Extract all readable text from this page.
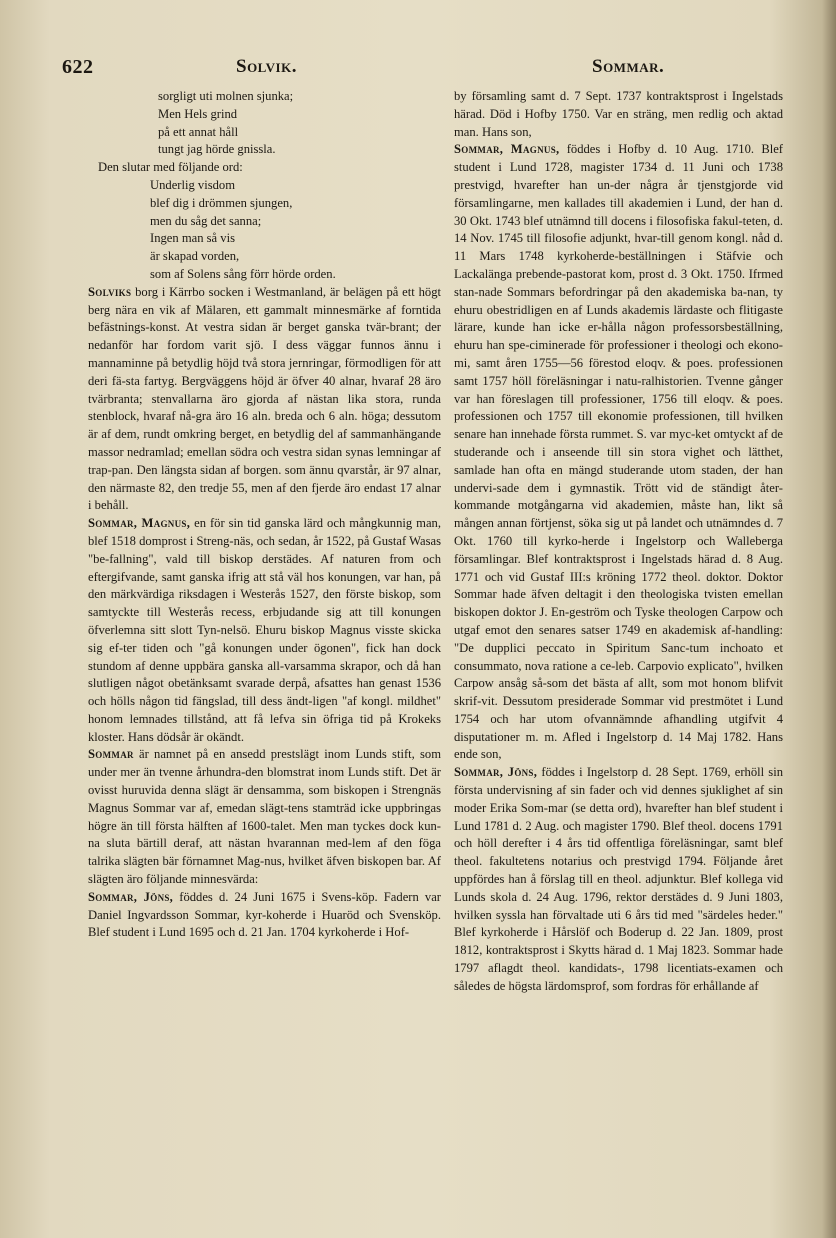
622	Solvik.	Sommar.
sorgligt uti molnen sjunka;
Men Hels grind
på ett annat håll
tungt jag hörde gnissla.

Den slutar med följande ord:

Underlig visdom
blef dig i drömmen sjungen,
men du såg det sanna;
Ingen man så vis
är skapad vorden,
som af Solens sång förr hörde orden.

Solviks borg i Kärrbo socken i Westmanland, är belägen på ett högt berg nära en vik af Mälaren, ett gammalt minnesmärke af forntida befästnings-konst. At vestra sidan är berget ganska tvär-brant; der nedanför har fordom varit sjö. I dess väggar funnos ännu i mannaminne på betydlig höjd två stora jernringar, förmodligen för att deri fä-sta fartyg. Bergväggens höjd är öfver 40 alnar, hvaraf 28 äro tvärbranta; stenvallarna äro gjorda af nästan lika stora, runda stenblock, hvaraf nå-gra äro 16 aln. breda och 6 aln. höga; dessutom är af dem, rundt omkring berget, en betydlig del af sammanhängande massor nedramlad; emellan södra och vestra sidan synas lemningar af trap-pan. Den längsta sidan af borgen. som ännu qvarstår, är 97 alnar, den närmaste 82, den tredje 55, men af den fjerde äro endast 17 alnar i behåll.

Sommar, Magnus, en för sin tid ganska lärd och mångkunnig man, blef 1518 domprost i Streng-näs, och sedan, år 1522, på Gustaf Wasas "be-fallning", vald till biskop derstädes. Af naturen from och eftergifvande, samt ganska ifrig att stå väl hos konungen, var han, på den märkvärdiga riksdagen i Westerås 1527, den förste biskop, som samtyckte till Westerås recess, erbjudande sig att till konungen öfverlemna sitt slott Tyn-nelsö. Ehuru biskop Magnus visste skicka sig ef-ter tiden och "gå konungen under ögonen", fick han dock stundom af denne uppbära ganska all-varsamma skrapor, och då han slutligen något obetänksamt svarade derpå, afsattes han genast 1536 och hölls någon tid fängslad, till dess ändt-ligen "af kongl. mildhet" honom lemnades tillstånd, att få lefva sin öfriga tid på Krokeks kloster. Hans dödsår är okändt.

Sommar är namnet på en ansedd prestslägt inom Lunds stift, som under mer än tvenne århundra-den blomstrat inom Lunds stift. Det är ovisst huruvida denna slägt är densamma, som biskopen i Strengnäs Magnus Sommar var af, emedan slägt-tens stamträd icke uppbringas högre än till första hälften af 1600-talet. Men man tyckes dock kun-na sluta bärtill deraf, att nästan hvarannan med-lem af den föga talrika slägten bär förnamnet Mag-nus, hvilket äfven biskopen bar. Af slägten äro följande minnesvärda:

Sommar, Jöns, föddes d. 24 Juni 1675 i Svens-köp. Fadern var Daniel Ingvardsson Sommar, kyr-koherde i Huaröd och Svensköp. Blef student i Lund 1695 och d. 21 Jan. 1704 kyrkoherde i Hof-

by församling samt d. 7 Sept. 1737 kontraktsprost i Ingelstads härad. Död i Hofby 1750. Var en sträng, men redlig och aktad man. Hans son,

Sommar, Magnus, föddes i Hofby d. 10 Aug. 1710. Blef student i Lund 1728, magister 1734 d. 11 Juni och 1738 prestvigd, hvarefter han un-der några år tjenstgjorde vid församlingarne, men kallades till akademien i Lund, der han d. 30 Okt. 1743 blef utnämnd till docens i filosofiska fakul-teten, d. 14 Nov. 1745 till filosofie adjunkt, hvar-till genom kongl. nåd d. 11 Mars 1748 kyrkoherde-beställningen i Stäfvie och Lackalänga prebende-pastorat kom, prost d. 3 Okt. 1750. Ifrmed stan-nade Sommars befordringar på den akademiska ba-nan, ty ehuru obestridligen en af Lunds akademis lärdaste och flitigaste lärare, kunde han icke er-hålla någon professorsbeställning, ehuru han spe-ciminerade för professioner i theologi och ekono-mi, samt åren 1755—56 förestod eloqv. & poes. professionen samt 1757 höll föreläsningar i natu-ralhistorien. Tvenne gånger var han föreslagen till professioner, 1756 till eloqv. & poes. professionen och 1757 till ekonomie professionen, till hvilken senare han innehade första rummet. S. var myc-ket omtyckt af de studerande och i anseende till sin stora vighet och lätthet, samlade han ofta en mängd studerande utom staden, der han undervi-sade dem i gymnastik. Trött vid de ständigt åter-kommande motgångarna vid akademien, måste han, likt så mången annan förtjenst, söka sig ut på landet och utnämndes d. 7 Okt. 1760 till kyrko-herde i Ingelstorp och Walleberga församlingar. Blef kontraktsprost i Ingelstads härad d. 8 Aug. 1771 och vid Gustaf III:s kröning 1772 theol. doktor. Doktor Sommar hade äfven deltagit i den theologiska tvisten emellan biskopen doktor J. En-geström och Tyske theologen Carpow och utgaf emot den senares satser 1749 en akademisk af-handling: "De dupplici peccato in Spiritum Sanc-tum inchoato et consummato, nova ratione a ce-leb. Carpovio explicato", hvilken Carpow ansåg så-som det bästa af allt, som mot honom blifvit skrif-vit. Dessutom presiderade Sommar vid prestmötet i Lund 1754 och har utom ofvannämnde afhandling utgifvit 4 disputationer m. m. Afled i Ingelstorp d. 14 Maj 1782. Hans ende son,

Sommar, Jöns, föddes i Ingelstorp d. 28 Sept. 1769, erhöll sin första undervisning af sin fader och vid dennes sjuklighet af sin moder Erika Som-mar (se detta ord), hvarefter han blef student i Lund 1781 d. 2 Aug. och magister 1790. Blef theol. docens 1791 och höll derefter i 4 års tid offentliga föreläsningar, samt blef theol. fakultetens notarius och prestvigd 1794. Följande året uppfördes han å förslag till en theol. adjunktur. Blef kollega vid Lunds skola d. 24 Aug. 1796, rektor derstädes d. 9 Juni 1803, hvilken syssla han förvaltade uti 6 års tid med "särdeles heder." Blef kyrkoherde i Hårslöf och Boderup d. 22 Jan. 1809, prost 1812, kontraktsprost i Skytts härad d. 1 Maj 1823. Sommar hade 1797 aflagdt theol. kandidats-, 1798 licentiats-examen och således de högsta lärdomsprof, som fordras för erhållande af
